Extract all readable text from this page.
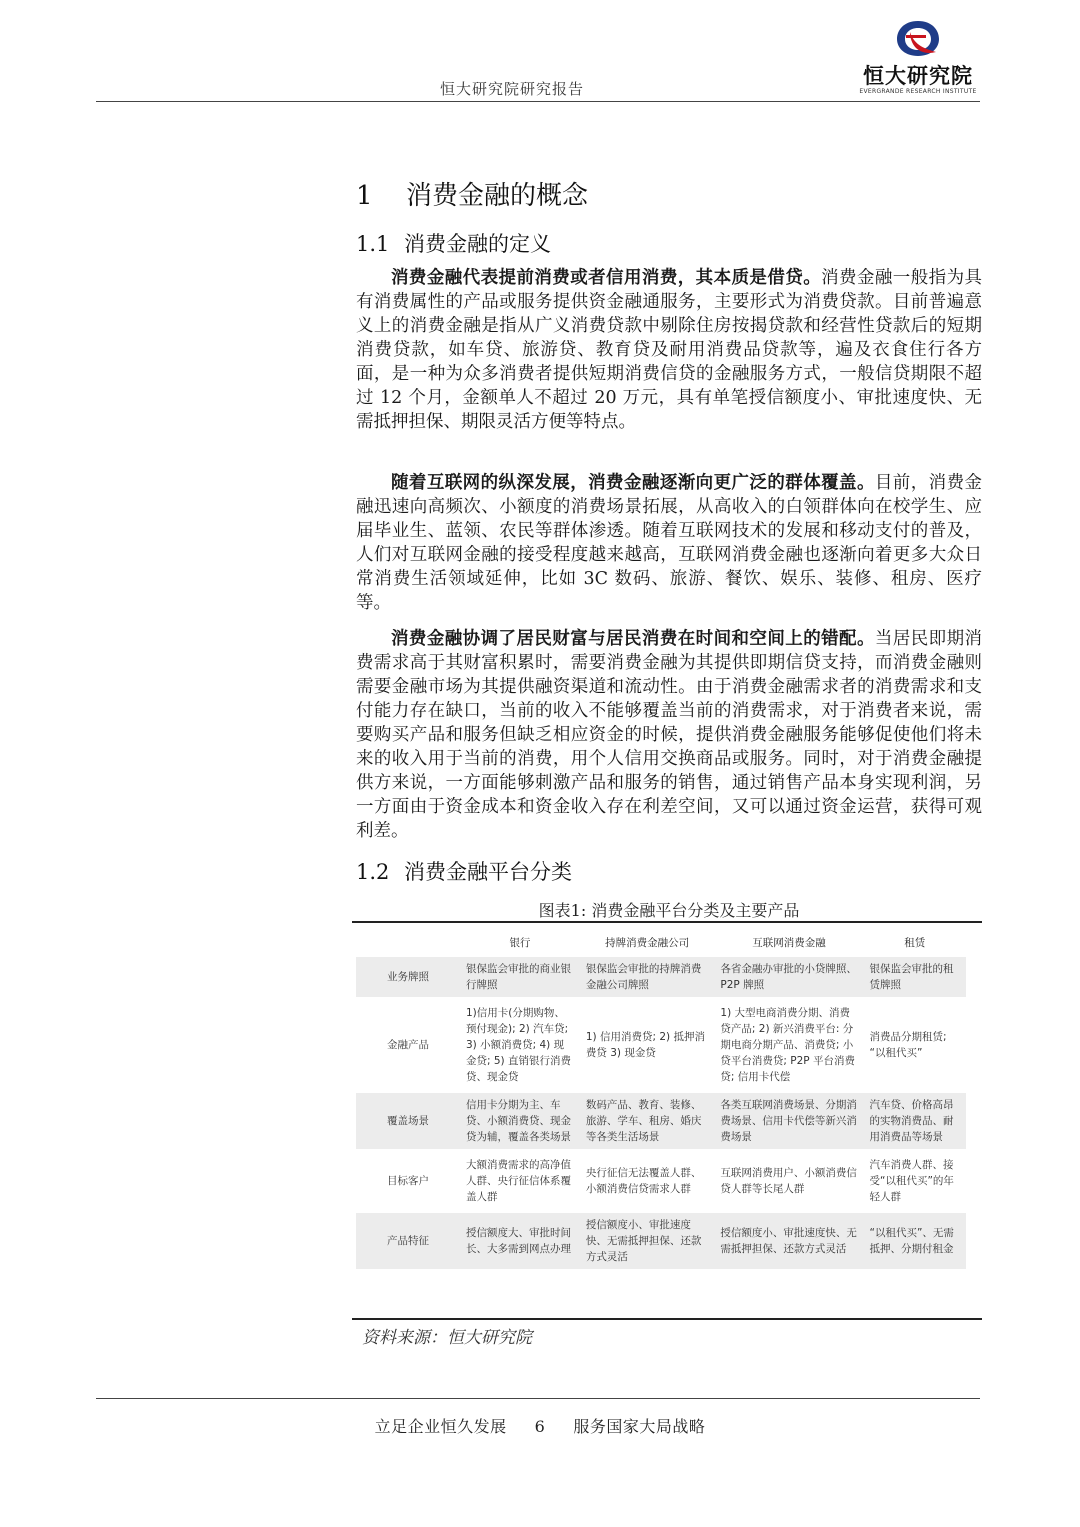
恒大研究院
EVERGRANDE RESEARCH INSTITUTE
恒大研究院研究报告
1 消费金融的概念
1.1 消费金融的定义

消费金融代表提前消费或者信用消费，其本质是借贷。消费金融一般指为具有消费属性的产品或服务提供资金融通服务，主要形式为消费贷款。目前普遍意义上的消费金融是指从广义消费贷款中剔除住房按揭贷款和经营性贷款后的短期消费贷款，如车贷、旅游贷、教育贷及耐用消费品贷款等，遍及衣食住行各方面，是一种为众多消费者提供短期消费信贷的金融服务方式，一般信贷期限不超过 12 个月，金额单人不超过 20 万元，具有单笔授信额度小、审批速度快、无需抵押担保、期限灵活方便等特点。

随着互联网的纵深发展，消费金融逐渐向更广泛的群体覆盖。目前，消费金融迅速向高频次、小额度的消费场景拓展，从高收入的白领群体向在校学生、应届毕业生、蓝领、农民等群体渗透。随着互联网技术的发展和移动支付的普及，人们对互联网金融的接受程度越来越高，互联网消费金融也逐渐向着更多大众日常消费生活领域延伸，比如 3C 数码、旅游、餐饮、娱乐、装修、租房、医疗等。

消费金融协调了居民财富与居民消费在时间和空间上的错配。当居民即期消费需求高于其财富积累时，需要消费金融为其提供即期信贷支持，而消费金融则需要金融市场为其提供融资渠道和流动性。由于消费金融需求者的消费需求和支付能力存在缺口，当前的收入不能够覆盖当前的消费需求，对于消费者来说，需要购买产品和服务但缺乏相应资金的时候，提供消费金融服务能够促使他们将未来的收入用于当前的消费，用个人信用交换商品或服务。同时，对于消费金融提供方来说，一方面能够刺激产品和服务的销售，通过销售产品本身实现利润，另一方面由于资金成本和资金收入存在利差空间，又可以通过资金运营，获得可观利差。

1.2 消费金融平台分类
图表1: 消费金融平台分类及主要产品
	银行	持牌消费金融公司	互联网消费金融	租赁
业务牌照	银保监会审批的商业银行牌照	银保监会审批的持牌消费金融公司牌照	各省金融办审批的小贷牌照、P2P 牌照	银保监会审批的租赁牌照
金融产品	1)信用卡(分期购物、预付现金); 2) 汽车贷; 3) 小额消费贷; 4) 现金贷; 5) 直销银行消费贷、现金贷	1) 信用消费贷; 2) 抵押消费贷 3) 现金贷	1) 大型电商消费分期、消费贷产品; 2) 新兴消费平台: 分期电商分期产品、消费贷; 小贷平台消费贷; P2P 平台消费贷; 信用卡代偿	消费品分期租赁; “以租代买”
覆盖场景	信用卡分期为主、车贷、小额消费贷、现金贷为辅，覆盖各类场景	数码产品、教育、装修、旅游、学车、租房、婚庆等各类生活场景	各类互联网消费场景、分期消费场景、信用卡代偿等新兴消费场景	汽车贷、价格高昂的实物消费品、耐用消费品等场景
目标客户	大额消费需求的高净值人群、央行征信体系覆盖人群	央行征信无法覆盖人群、小额消费信贷需求人群	互联网消费用户、小额消费信贷人群等长尾人群	汽车消费人群、接受“以租代买”的年轻人群
产品特征	授信额度大、审批时间长、大多需到网点办理	授信额度小、审批速度快、无需抵押担保、还款方式灵活	授信额度小、审批速度快、无需抵押担保、还款方式灵活	“以租代买”、无需抵押、分期付租金
资料来源：恒大研究院
立足企业恒久发展 6 服务国家大局战略
